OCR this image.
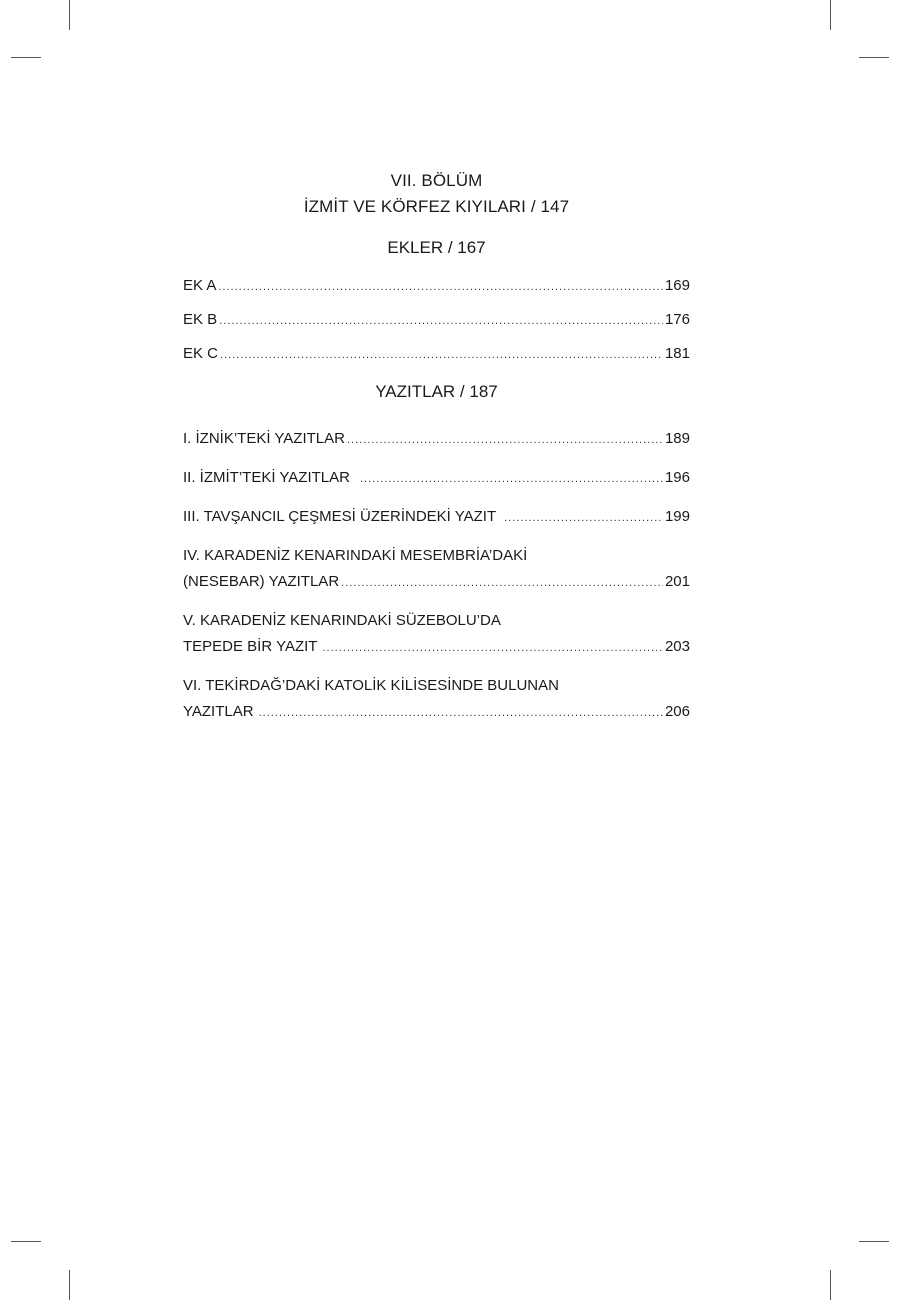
VII. BÖLÜM
İZMİT VE KÖRFEZ KIYILARI / 147
EKLER / 167
EK A .....	169
EK B .....	176
EK C .....	181
YAZITLAR / 187
I. İZNİK’TEKİ YAZITLAR .....	189
II. İZMİT’TEKİ YAZITLAR .....	196
III. TAVŞANCIL ÇEŞMESİ ÜZERİNDEKİ YAZIT .....	199
IV. KARADENİZ KENARINDAKİ MESEMBRİA’DAKİ
(NESEBAR) YAZITLAR .....	201
V. KARADENİZ KENARINDAKİ SÜZEBOLU’DA
TEPEDE BİR YAZIT .....	203
VI. TEKİRDAĞ’DAKİ KATOLİK KİLİSESİNDE BULUNAN
YAZITLAR .....	206
